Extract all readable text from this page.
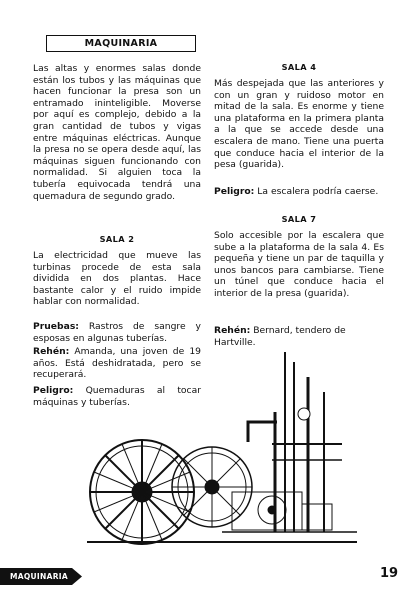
MAQUINARIA

Las altas y enormes salas donde están los tubos y las máquinas que hacen funcionar la presa son un entramado ininteligible. Moverse por aquí es complejo, debido a la gran cantidad de tubos y vigas entre máquinas eléctricas. Aunque la presa no se opera desde aquí, las máquinas siguen funcionando con normalidad. Si alguien toca la tubería equivocada tendrá una quemadura de segundo grado.

SALA 2

La electricidad que mueve las turbinas procede de esta sala dividida en dos plantas. Hace bastante calor y el ruido impide hablar con normalidad.

Pruebas: Rastros de sangre y esposas en algunas tuberías.

Rehén: Amanda, una joven de 19 años. Está deshidratada, pero se recuperará.

Peligro: Quemaduras al tocar máquinas y tuberías.

SALA 4

Más despejada que las anteriores y con un gran y ruidoso motor en mitad de la sala. Es enorme y tiene una plataforma en la primera planta a la que se accede desde una escalera de mano. Tiene una puerta que conduce hacia el interior de la pesa (guarida).

Peligro: La escalera podría caerse.

SALA 7

Solo accesible por la escalera que sube a la plataforma de la sala 4. Es pequeña y tiene un par de taquilla y unos bancos para cambiarse. Tiene un túnel que conduce hacia el interior de la presa (guarida).

Rehén: Bernard, tendero de Hartville.

MAQUINARIA	19
